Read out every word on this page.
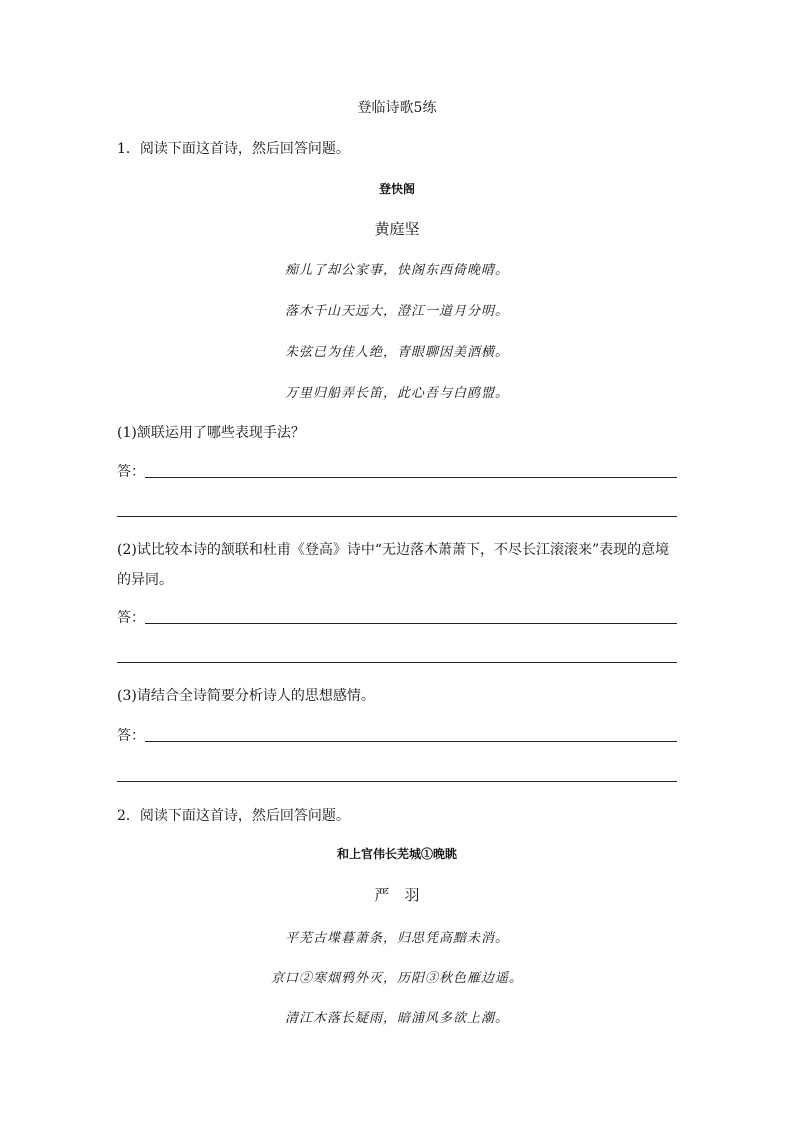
登临诗歌5练
1．阅读下面这首诗，然后回答问题。
登快阁
黄庭坚
痴儿了却公家事，快阁东西倚晚晴。
落木千山天远大，澄江一道月分明。
朱弦已为佳人绝，青眼聊因美酒横。
万里归船弄长笛，此心吾与白鸥盟。
(1)颔联运用了哪些表现手法？
答：
(2)试比较本诗的颔联和杜甫《登高》诗中“无边落木萧萧下，不尽长江滚滚来”表现的意境的异同。
答：
(3)请结合全诗简要分析诗人的思想感情。
答：
2．阅读下面这首诗，然后回答问题。
和上官伟长芜城①晚眺
严　羽
平芜古堞暮萧条，归思凭高黯未消。
京口②寒烟鸦外灭，历阳③秋色雁边遥。
清江木落长疑雨，暗浦风多欲上潮。
